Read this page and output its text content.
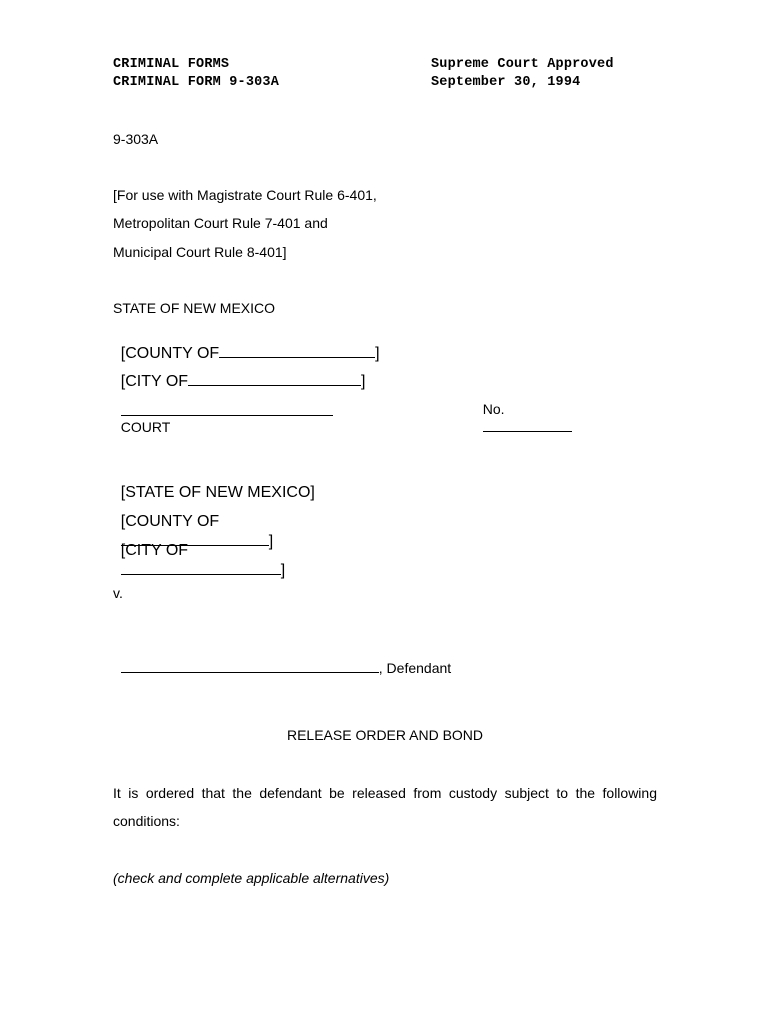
CRIMINAL FORMS
CRIMINAL FORM 9-303A
Supreme Court Approved
September 30, 1994
9-303A
[For use with Magistrate Court Rule 6-401,
Metropolitan Court Rule 7-401 and
Municipal Court Rule 8-401]
STATE OF NEW MEXICO

[COUNTY OF	]

[CITY OF	]

COURT

No.

[STATE OF NEW MEXICO]

[COUNTY OF
]

[CITY OF
]

v.

, Defendant

RELEASE ORDER AND BOND
It is ordered that the defendant be released from custody subject to the following
conditions:
(check and complete applicable alternatives)
